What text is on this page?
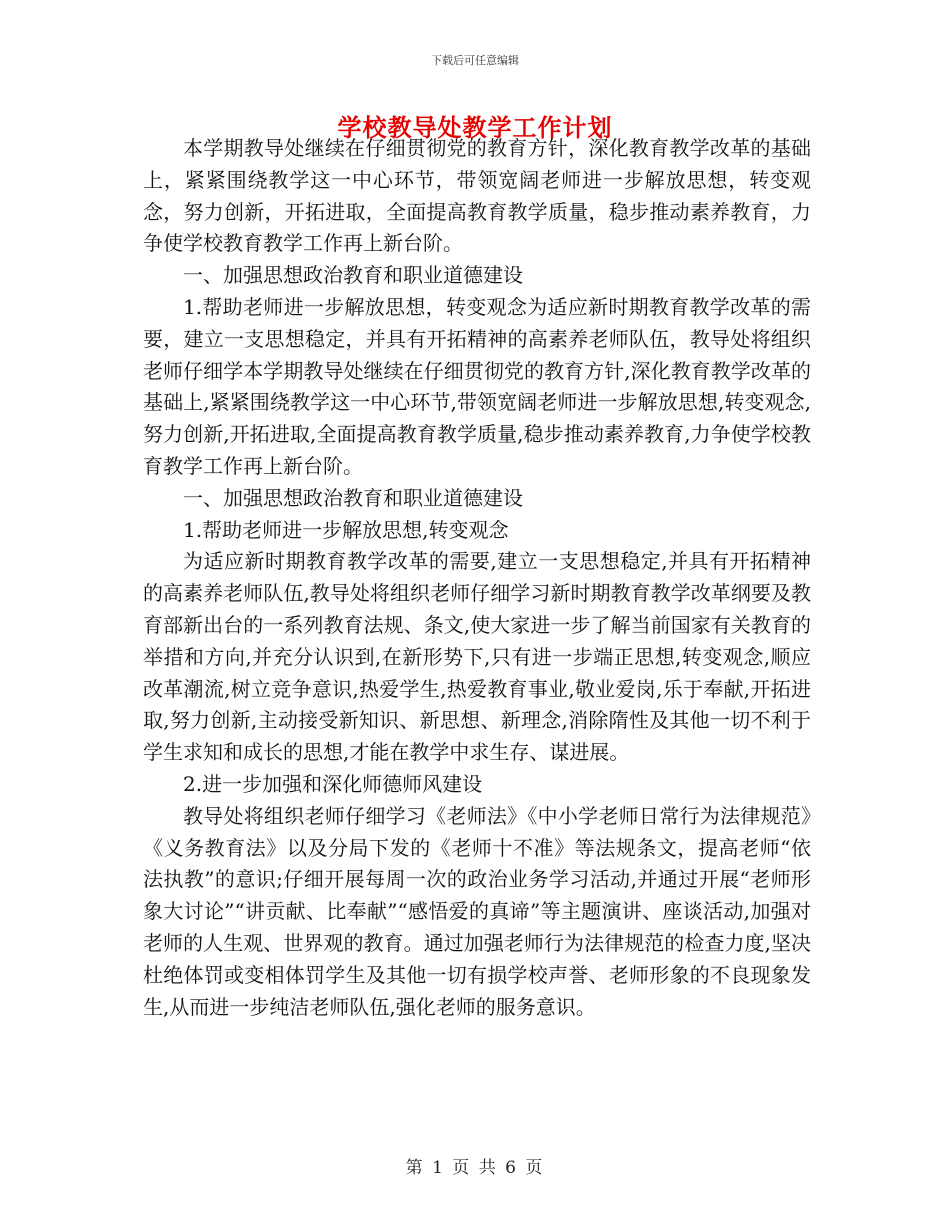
下载后可任意编辑
学校教导处教学工作计划

本学期教导处继续在仔细贯彻党的教育方针，深化教育教学改革的基础上，紧紧围绕教学这一中心环节，带领宽阔老师进一步解放思想，转变观念，努力创新，开拓进取，全面提高教育教学质量，稳步推动素养教育，力争使学校教育教学工作再上新台阶。

一、加强思想政治教育和职业道德建设

1.帮助老师进一步解放思想，转变观念为适应新时期教育教学改革的需要，建立一支思想稳定，并具有开拓精神的高素养老师队伍，教导处将组织老师仔细学本学期教导处继续在仔细贯彻党的教育方针,深化教育教学改革的基础上,紧紧围绕教学这一中心环节,带领宽阔老师进一步解放思想,转变观念,努力创新,开拓进取,全面提高教育教学质量,稳步推动素养教育,力争使学校教育教学工作再上新台阶。

一、加强思想政治教育和职业道德建设

1.帮助老师进一步解放思想,转变观念

为适应新时期教育教学改革的需要,建立一支思想稳定,并具有开拓精神的高素养老师队伍,教导处将组织老师仔细学习新时期教育教学改革纲要及教育部新出台的一系列教育法规、条文,使大家进一步了解当前国家有关教育的举措和方向,并充分认识到,在新形势下,只有进一步端正思想,转变观念,顺应改革潮流,树立竞争意识,热爱学生,热爱教育事业,敬业爱岗,乐于奉献,开拓进取,努力创新,主动接受新知识、新思想、新理念,消除隋性及其他一切不利于学生求知和成长的思想,才能在教学中求生存、谋进展。

2.进一步加强和深化师德师风建设

教导处将组织老师仔细学习《老师法》《中小学老师日常行为法律规范》《义务教育法》以及分局下发的《老师十不准》等法规条文，提高老师“依法执教”的意识;仔细开展每周一次的政治业务学习活动,并通过开展“老师形象大讨论”“讲贡献、比奉献”“感悟爱的真谛”等主题演讲、座谈活动,加强对老师的人生观、世界观的教育。通过加强老师行为法律规范的检查力度,坚决杜绝体罚或变相体罚学生及其他一切有损学校声誉、老师形象的不良现象发生,从而进一步纯洁老师队伍,强化老师的服务意识。

第 1 页 共 6 页
